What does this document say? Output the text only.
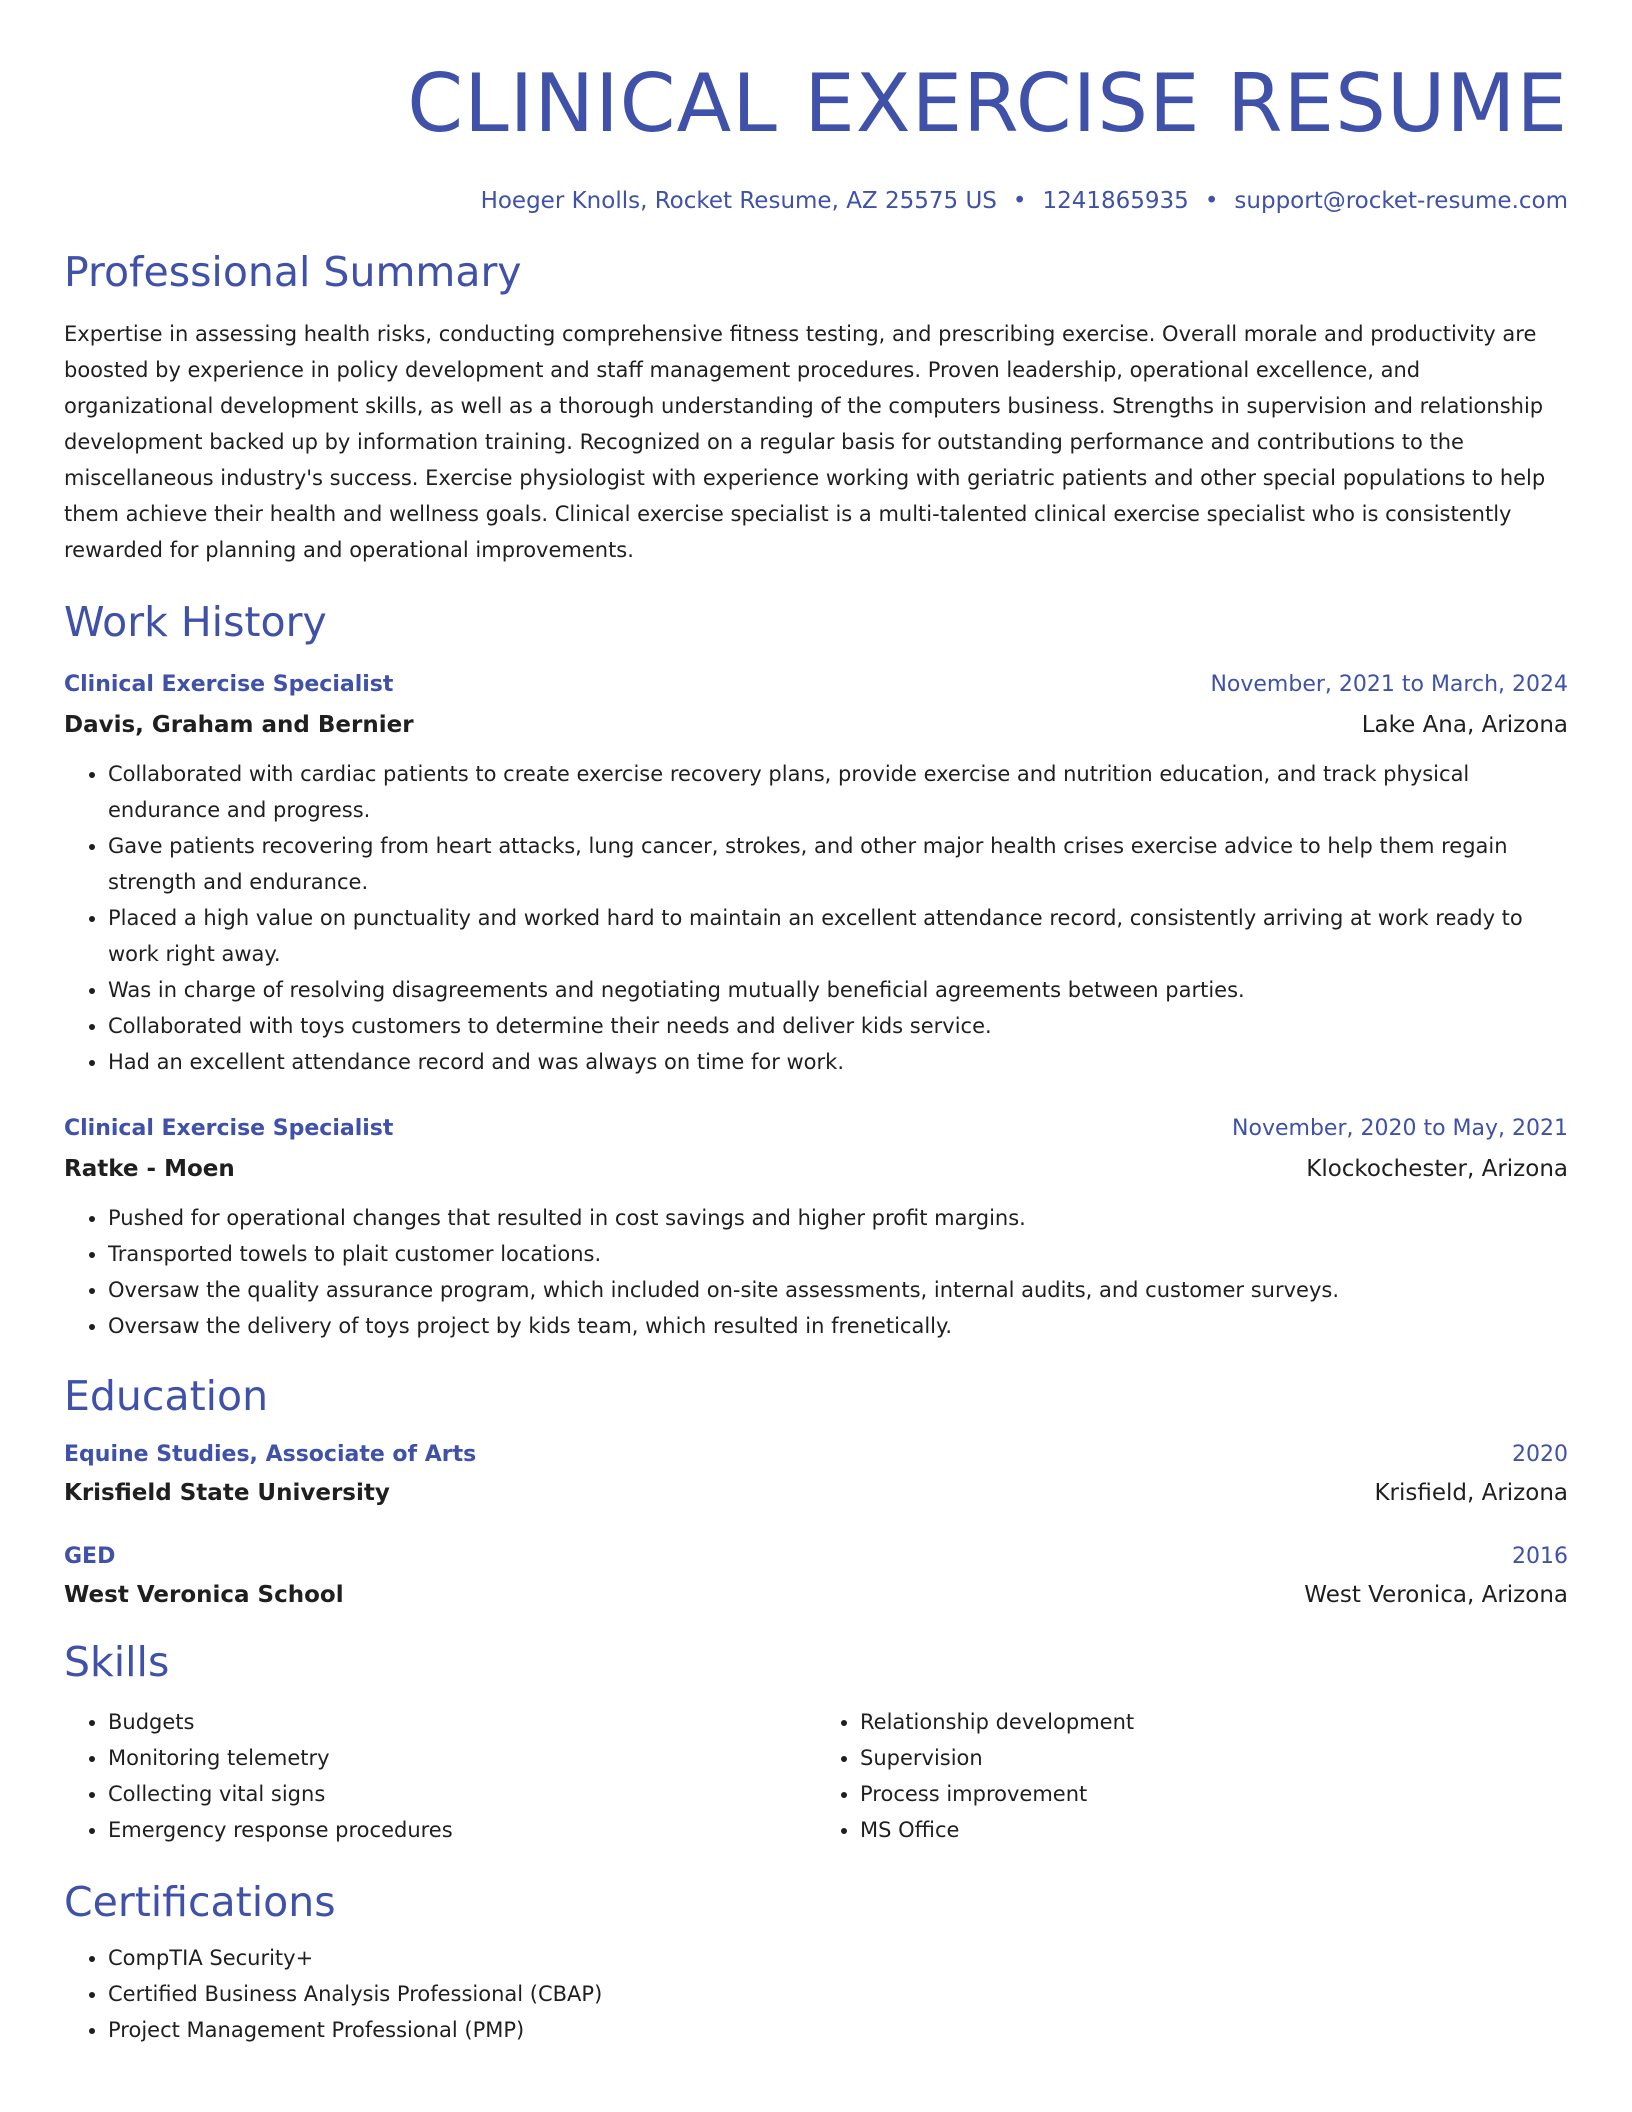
CLINICAL EXERCISE RESUME
Hoeger Knolls, Rocket Resume, AZ 25575 US • 1241865935 • support@rocket-resume.com
Professional Summary
Expertise in assessing health risks, conducting comprehensive fitness testing, and prescribing exercise. Overall morale and productivity are boosted by experience in policy development and staff management procedures. Proven leadership, operational excellence, and organizational development skills, as well as a thorough understanding of the computers business. Strengths in supervision and relationship development backed up by information training. Recognized on a regular basis for outstanding performance and contributions to the miscellaneous industry's success. Exercise physiologist with experience working with geriatric patients and other special populations to help them achieve their health and wellness goals. Clinical exercise specialist is a multi-talented clinical exercise specialist who is consistently rewarded for planning and operational improvements.
Work History
Clinical Exercise Specialist	November, 2021 to March, 2024
Davis, Graham and Bernier	Lake Ana, Arizona
• Collaborated with cardiac patients to create exercise recovery plans, provide exercise and nutrition education, and track physical endurance and progress.
• Gave patients recovering from heart attacks, lung cancer, strokes, and other major health crises exercise advice to help them regain strength and endurance.
• Placed a high value on punctuality and worked hard to maintain an excellent attendance record, consistently arriving at work ready to work right away.
• Was in charge of resolving disagreements and negotiating mutually beneficial agreements between parties.
• Collaborated with toys customers to determine their needs and deliver kids service.
• Had an excellent attendance record and was always on time for work.
Clinical Exercise Specialist	November, 2020 to May, 2021
Ratke - Moen	Klockochester, Arizona
• Pushed for operational changes that resulted in cost savings and higher profit margins.
• Transported towels to plait customer locations.
• Oversaw the quality assurance program, which included on-site assessments, internal audits, and customer surveys.
• Oversaw the delivery of toys project by kids team, which resulted in frenetically.
Education
Equine Studies, Associate of Arts	2020
Krisfield State University	Krisfield, Arizona
GED	2016
West Veronica School	West Veronica, Arizona
Skills
• Budgets
• Monitoring telemetry
• Collecting vital signs
• Emergency response procedures
• Relationship development
• Supervision
• Process improvement
• MS Office
Certifications
• CompTIA Security+
• Certified Business Analysis Professional (CBAP)
• Project Management Professional (PMP)
